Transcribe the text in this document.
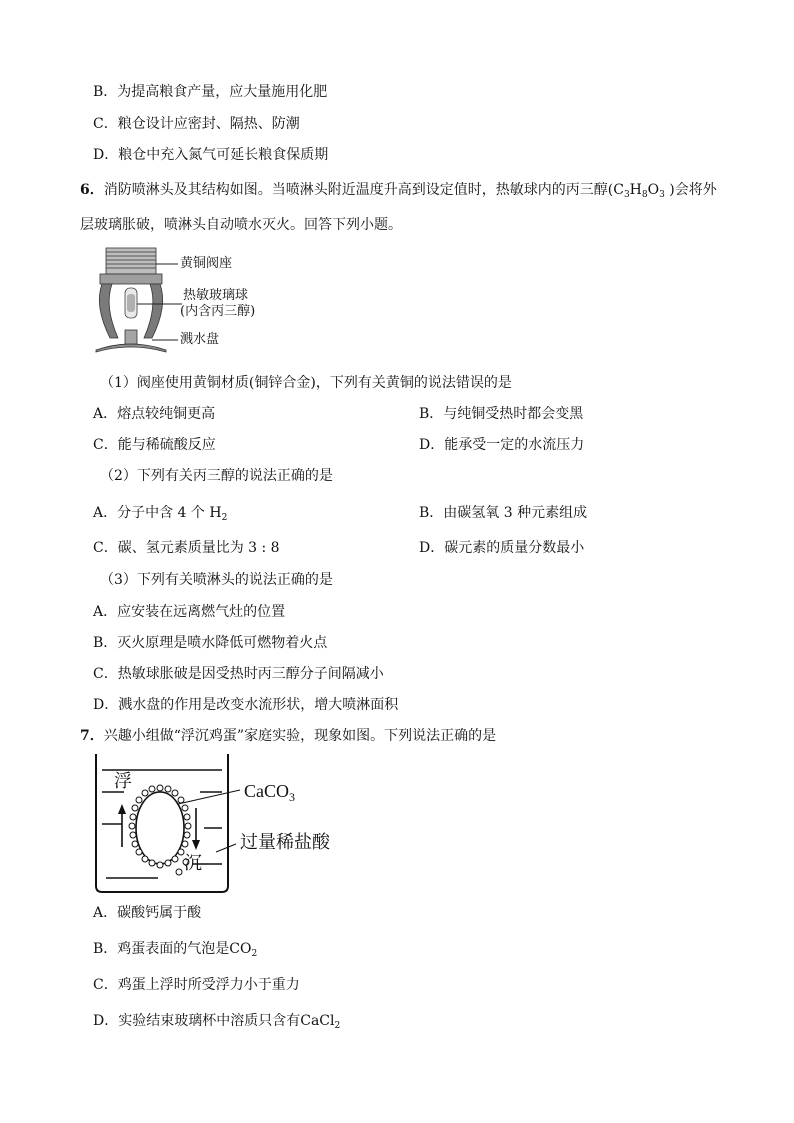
B．为提高粮食产量，应大量施用化肥
C．粮仓设计应密封、隔热、防潮
D．粮仓中充入氮气可延长粮食保质期
6．消防喷淋头及其结构如图。当喷淋头附近温度升高到设定值时，热敏球内的丙三醇($C_3H_8O_3$ )会将外
层玻璃胀破，喷淋头自动喷水灭火。回答下列小题。
黄铜阀座
热敏玻璃球
(内含丙三醇)
溅水盘
（1）阀座使用黄铜材质(铜锌合金)，下列有关黄铜的说法错误的是
A．熔点较纯铜更高	B．与纯铜受热时都会变黑
C．能与稀硫酸反应	D．能承受一定的水流压力
（2）下列有关丙三醇的说法正确的是
A．分子中含 4 个 $H_2$	B．由碳氢氧 3 种元素组成
C．碳、氢元素质量比为 3 : 8	D．碳元素的质量分数最小
（3）下列有关喷淋头的说法正确的是
A．应安装在远离燃气灶的位置
B．灭火原理是喷水降低可燃物着火点
C．热敏球胀破是因受热时丙三醇分子间隔减小
D．溅水盘的作用是改变水流形状，增大喷淋面积
7．兴趣小组做“浮沉鸡蛋”家庭实验，现象如图。下列说法正确的是
浮
沉
CaCO$_3$
过量稀盐酸
A．碳酸钙属于酸
B．鸡蛋表面的气泡是$CO_2$
C．鸡蛋上浮时所受浮力小于重力
D．实验结束玻璃杯中溶质只含有CaCl$_2$
